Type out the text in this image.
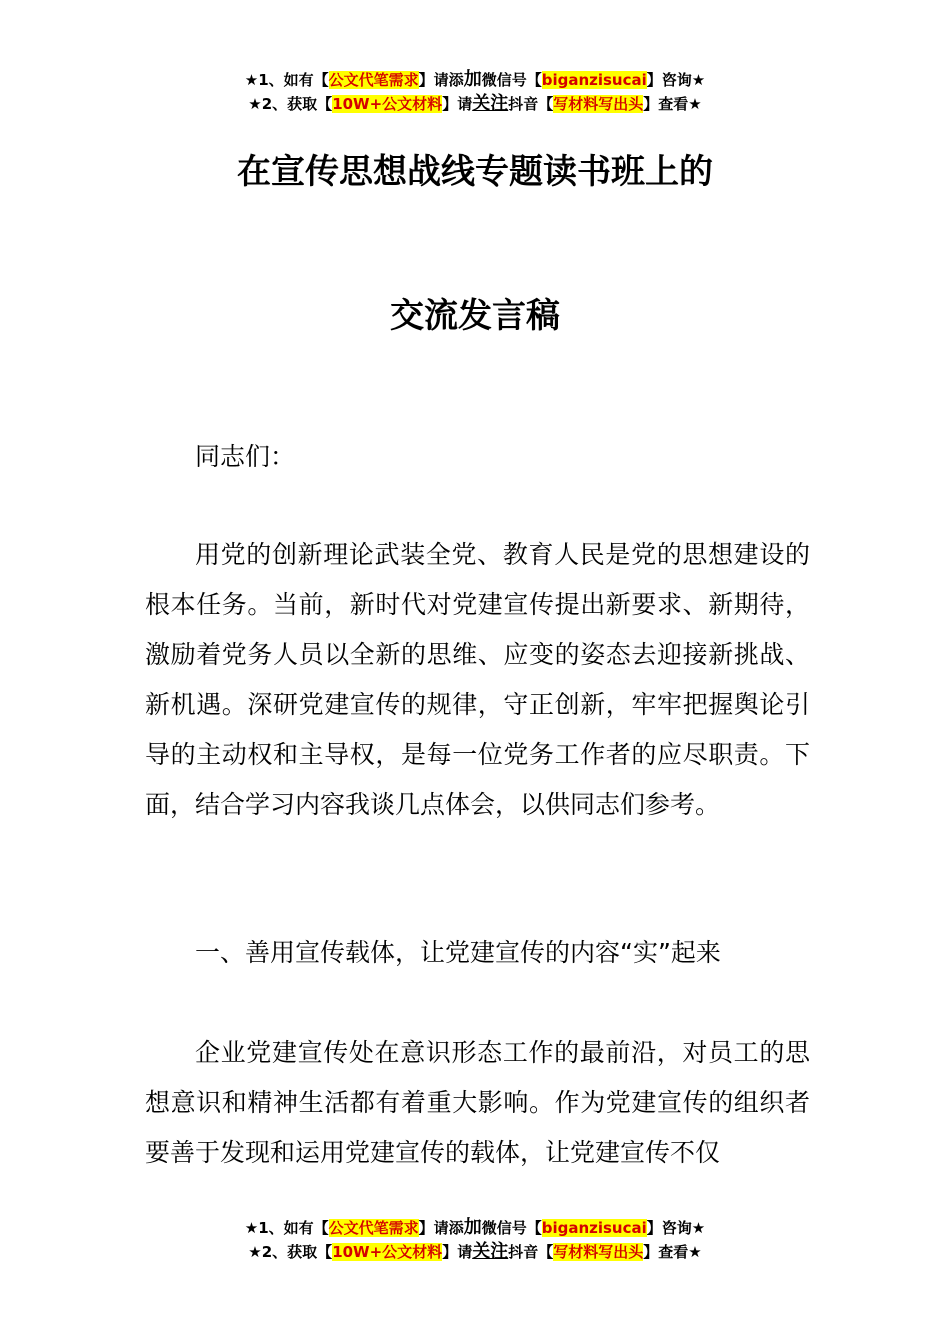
★1、如有【公文代笔需求】请添加微信号【biganzisucai】咨询★
★2、获取【10W+公文材料】请关注抖音【写材料写出头】查看★
在宣传思想战线专题读书班上的
交流发言稿
同志们：
用党的创新理论武装全党、教育人民是党的思想建设的根本任务。当前，新时代对党建宣传提出新要求、新期待，激励着党务人员以全新的思维、应变的姿态去迎接新挑战、新机遇。深研党建宣传的规律，守正创新，牢牢把握舆论引导的主动权和主导权，是每一位党务工作者的应尽职责。下面，结合学习内容我谈几点体会，以供同志们参考。
一、善用宣传载体，让党建宣传的内容“实”起来
企业党建宣传处在意识形态工作的最前沿，对员工的思想意识和精神生活都有着重大影响。作为党建宣传的组织者要善于发现和运用党建宣传的载体，让党建宣传不仅
★1、如有【公文代笔需求】请添加微信号【biganzisucai】咨询★
★2、获取【10W+公文材料】请关注抖音【写材料写出头】查看★
